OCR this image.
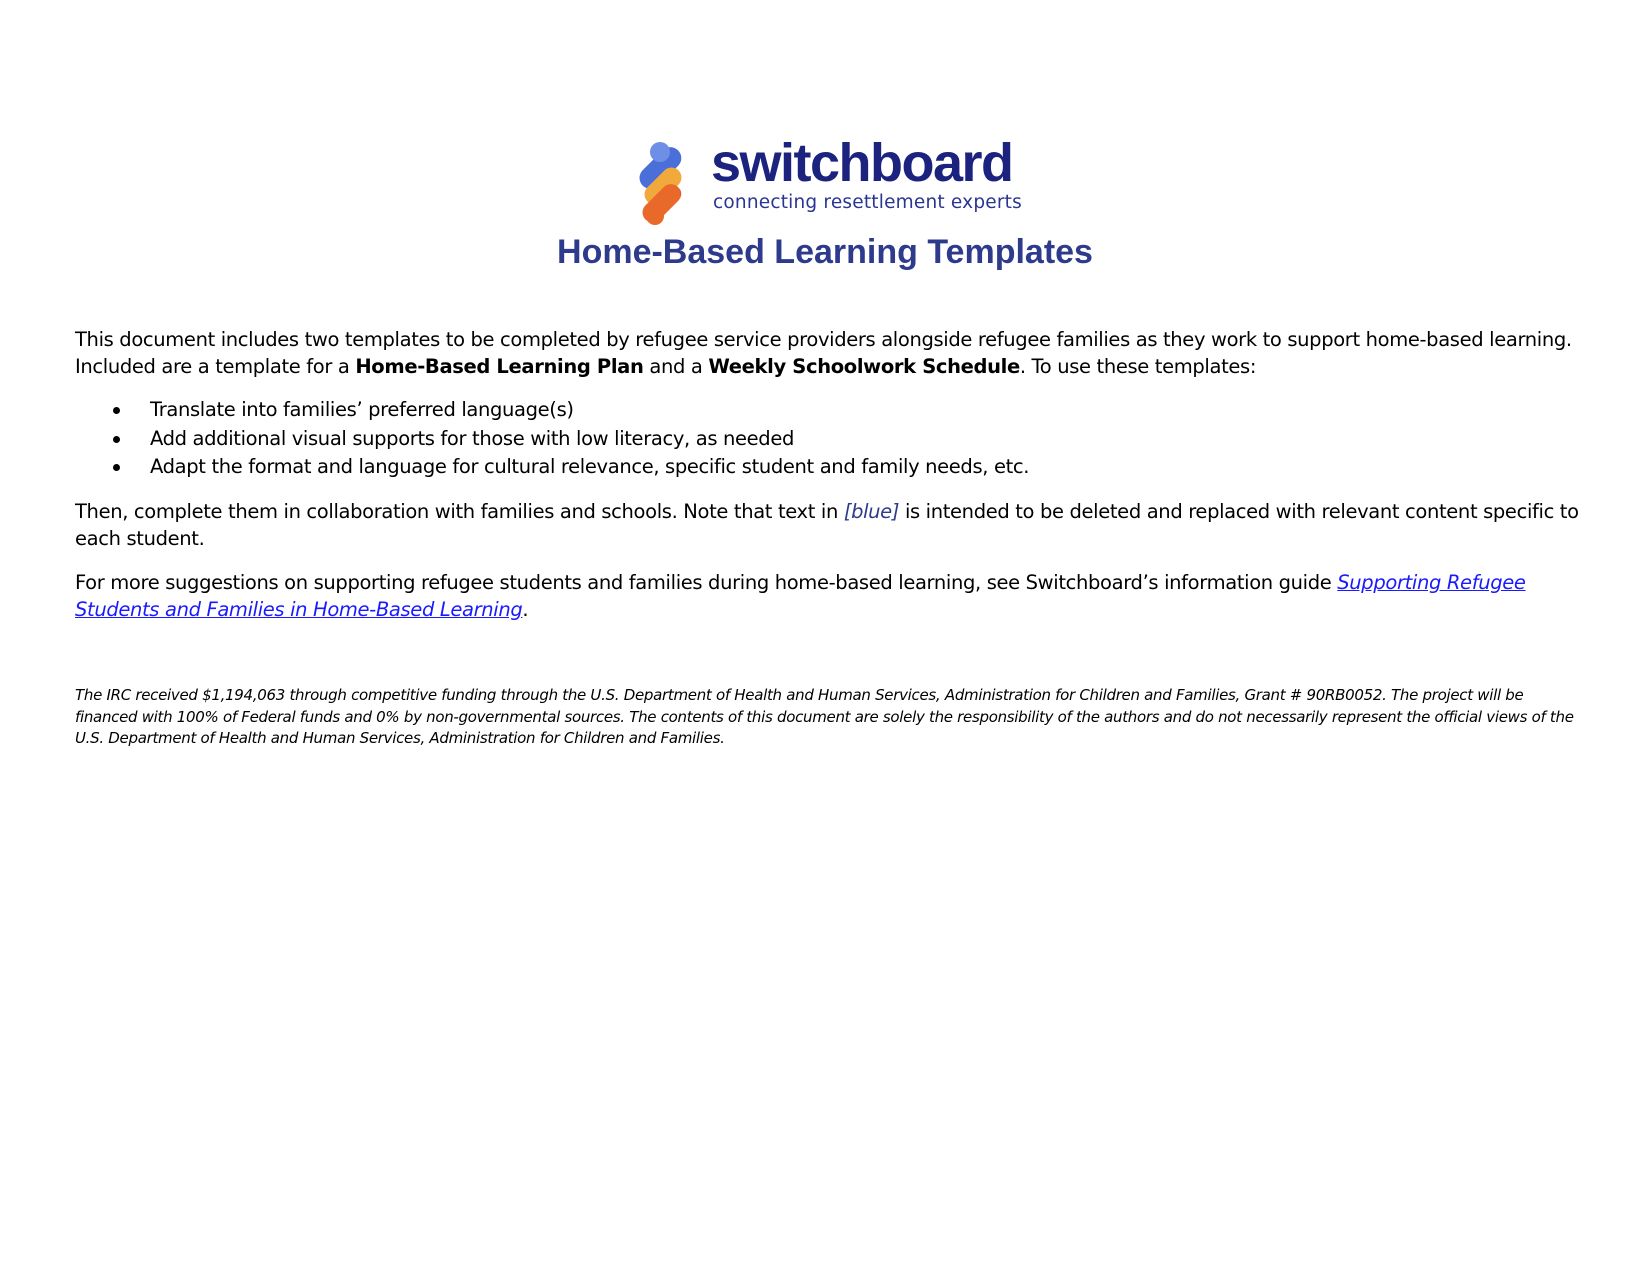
switchboard
connecting resettlement experts
Home-Based Learning Templates

This document includes two templates to be completed by refugee service providers alongside refugee families as they work to support home-based learning. Included are a template for a Home-Based Learning Plan and a Weekly Schoolwork Schedule. To use these templates:

Translate into families’ preferred language(s)
Add additional visual supports for those with low literacy, as needed
Adapt the format and language for cultural relevance, specific student and family needs, etc.

Then, complete them in collaboration with families and schools. Note that text in [blue] is intended to be deleted and replaced with relevant content specific to each student.

For more suggestions on supporting refugee students and families during home-based learning, see Switchboard’s information guide Supporting Refugee Students and Families in Home-Based Learning.

The IRC received $1,194,063 through competitive funding through the U.S. Department of Health and Human Services, Administration for Children and Families, Grant # 90RB0052. The project will be financed with 100% of Federal funds and 0% by non-governmental sources. The contents of this document are solely the responsibility of the authors and do not necessarily represent the official views of the U.S. Department of Health and Human Services, Administration for Children and Families.
